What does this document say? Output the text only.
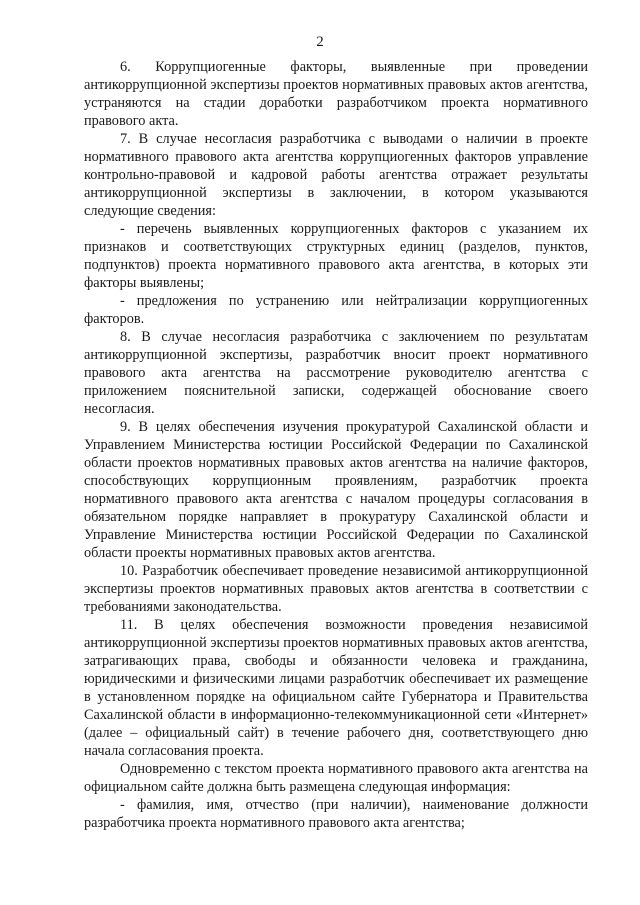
2

6. Коррупциогенные факторы, выявленные при проведении антикоррупционной экспертизы проектов нормативных правовых актов агентства, устраняются на стадии доработки разработчиком проекта нормативного правового акта.

7. В случае несогласия разработчика с выводами о наличии в проекте нормативного правового акта агентства коррупциогенных факторов управление контрольно-правовой и кадровой работы агентства отражает результаты антикоррупционной экспертизы в заключении, в котором указываются следующие сведения:

- перечень выявленных коррупциогенных факторов с указанием их признаков и соответствующих структурных единиц (разделов, пунктов, подпунктов) проекта нормативного правового акта агентства, в которых эти факторы выявлены;

- предложения по устранению или нейтрализации коррупциогенных факторов.

8. В случае несогласия разработчика с заключением по результатам антикоррупционной экспертизы, разработчик вносит проект нормативного правового акта агентства на рассмотрение руководителю агентства с приложением пояснительной записки, содержащей обоснование своего несогласия.

9. В целях обеспечения изучения прокуратурой Сахалинской области и Управлением Министерства юстиции Российской Федерации по Сахалинской области проектов нормативных правовых актов агентства на наличие факторов, способствующих коррупционным проявлениям, разработчик проекта нормативного правового акта агентства с началом процедуры согласования в обязательном порядке направляет в прокуратуру Сахалинской области и Управление Министерства юстиции Российской Федерации по Сахалинской области проекты нормативных правовых актов агентства.

10. Разработчик обеспечивает проведение независимой антикоррупционной экспертизы проектов нормативных правовых актов агентства в соответствии с требованиями законодательства.

11. В целях обеспечения возможности проведения независимой антикоррупционной экспертизы проектов нормативных правовых актов агентства, затрагивающих права, свободы и обязанности человека и гражданина, юридическими и физическими лицами разработчик обеспечивает их размещение в установленном порядке на официальном сайте Губернатора и Правительства Сахалинской области в информационно-телекоммуникационной сети «Интернет» (далее – официальный сайт) в течение рабочего дня, соответствующего дню начала согласования проекта.

Одновременно с текстом проекта нормативного правового акта агентства на официальном сайте должна быть размещена следующая информация:

- фамилия, имя, отчество (при наличии), наименование должности разработчика проекта нормативного правового акта агентства;
